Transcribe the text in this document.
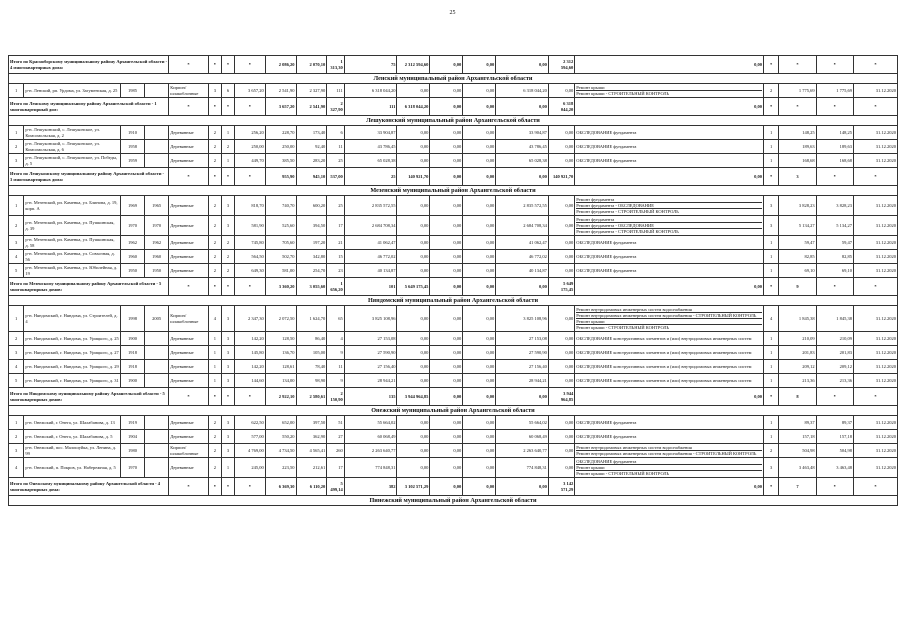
25
Итого по Красноборскому муниципальному району Архангельской области - 4 многоквартирных дома:				*	*	*	*	2 086,20	2 070,10	1 313,30	75	2 312 594,60	0,00	0,00	0,00	2 312 594,60	0,00	*	*	*	*
Ленский муниципальный район Архангельской области																					
1	р-н. Ленский, рп. Урдома, ул. Загуменская, д. 25	1985		Кирпич/ шлакоблочные	3	6	3 657,20	2 541,90	2 327,90	111	6 318 044,20	0,00	0,00	0,00	6 318 044,20	0,00	Ремонт крыши
Ремонт крыши - СТРОИТЕЛЬНЫЙ КОНТРОЛЬ	2	1 775,69	1 775,69	31.12.2020
Итого по Ленскому муниципальному району Архангельской области - 1 многоквартирный дом:				*	*	*	*	3 657,20	2 541,90	2 327,90	111	6 318 044,20	0,00	0,00	0,00	6 318 044,20	0,00	*	*	*	*
Лешуконский муниципальный район Архангельской области																					
1	р-н. Лешуконский, с. Лешуконское, ул. Комсомольская, д. 2	1910		Деревянные	2	1	256,20	228,70	173,40	6	33 904,87	0,00	0,00	0,00	33 904,87	0,00	ОБСЛЕДОВАНИЕ фундамента	1	148,25	148,25	31.12.2020
2	р-н. Лешуконский, с. Лешуконское, ул. Комсомольская, д. 6	1958		Деревянные	2	2	250,00	250,00	92,40	11	43 786,45	0,00	0,00	0,00	43 786,45	0,00	ОБСЛЕДОВАНИЕ фундамента	1	189,63	189,63	31.12.2020
3	р-н. Лешуконский, с. Лешуконское, ул. Победы, д. 5	1959		Деревянные	2	1	449,70	385,50	283,20	25	65 028,38	0,00	0,00	0,00	65 028,38	0,00	ОБСЛЕДОВАНИЕ фундамента	1	168,68	168,68	31.12.2020
Итого по Лешуконскому муниципальному району Архангельской области - 3 многоквартирных дома:				*	*	*	*	955,90	945,10	537,00	25	140 921,70	0,00	0,00	0,00	140 921,70	0,00	*	3	*	*
Мезенский муниципальный район Архангельской области																					
1	р-н. Мезенский, рп. Каменка, ул. Блинова, д. 19, корп. А	1969	1965	Деревянные	2	3	818,70	740,70	600,20	25	2 835 572,55	0,00	0,00	0,00	2 835 572,55	0,00	Ремонт фундамента
Ремонт фундамента - ОБСЛЕДОВАНИЕ
Ремонт фундамента - СТРОИТЕЛЬНЫЙ КОНТРОЛЬ	3	3 828,23	3 828,23	31.12.2020
2	р-н. Мезенский, рп. Каменка, ул. Пушкинская, д. 39	1970	1970	Деревянные	2	3	581,90	525,60	394,50	17	2 684 708,34	0,00	0,00	0,00	2 684 708,34	0,00	Ремонт фундамента
Ремонт фундамента - ОБСЛЕДОВАНИЕ
Ремонт фундамента - СТРОИТЕЛЬНЫЙ КОНТРОЛЬ	3	5 134,27	5 134,27	31.12.2020
3	р-н. Мезенский, рп. Каменка, ул. Пушкинская, д. 58	1962	1962	Деревянные	2	2	745,80	705,60	197,20	21	41 062,47	0,00	0,00	0,00	41 062,47	0,00	ОБСЛЕДОВАНИЕ фундамента	1	59,47	59,47	31.12.2020
4	р-н. Мезенский, рп. Каменка, ул. Совхозная, д. 56	1960	1960	Деревянные	2	2	564,50	502,70	342,80	15	46 772,02	0,00	0,00	0,00	46 772,02	0,00	ОБСЛЕДОВАНИЕ фундамента	1	82,85	82,85	31.12.2020
5	р-н. Мезенский, рп. Каменка, ул. Юбилейная, д. 19	1950	1950	Деревянные	2	2	649,30	581,00	254,70	23	40 134,87	0,00	0,00	0,00	40 134,87	0,00	ОБСЛЕДОВАНИЕ фундамента	1	69,10	69,10	31.12.2020
Итого по Мезенскому муниципальному району Архангельской области - 5 многоквартирных домов:				*	*	*	*	3 360,20	3 055,60	1 656,20	101	5 649 175,45	0,00	0,00	0,00	5 649 175,45	0,00	*	9	*	*
Няндомский муниципальный район Архангельской области																					
1	р-н. Няндомский, г. Няндома, ул. Строителей, д. 4	1998	2005	Кирпич/ шлакоблочные	4	3	2 347,30	2 072,50	1 624,70	65	3 825 108,96	0,00	0,00	0,00	3 825 108,96	0,00	Ремонт внутридомовых инженерных систем водоснабжения
Ремонт внутридомовых инженерных систем водоснабжения - СТРОИТЕЛЬНЫЙ КОНТРОЛЬ
Ремонт крыши
Ремонт крыши - СТРОИТЕЛЬНЫЙ КОНТРОЛЬ	4	1 845,38	1 845,38	31.12.2020
2	р-н. Няндомский, г. Няндома, ул. Урицкого, д. 25	1900		Деревянные	1	3	142,20	128,50	86,40	4	27 153,08	0,00	0,00	0,00	27 153,08	0,00	ОБСЛЕДОВАНИЕ конструктивных элементов и (или) внутридомовых инженерных систем	1	210,09	210,09	31.12.2020
3	р-н. Няндомский, г. Няндома, ул. Урицкого, д. 27	1918		Деревянные	1	3	145,80	136,70	105,00	9	27 590,90	0,00	0,00	0,00	27 590,90	0,00	ОБСЛЕДОВАНИЕ конструктивных элементов и (или) внутридомовых инженерных систем	1	201,83	201,83	31.12.2020
4	р-н. Няндомский, г. Няндома, ул. Урицкого, д. 29	1918		Деревянные	1	3	142,20	128,61	78,40	11	27 156,40	0,00	0,00	0,00	27 156,40	0,00	ОБСЛЕДОВАНИЕ конструктивных элементов и (или) внутридомовых инженерных систем	1	209,12	209,12	31.12.2020
5	р-н. Няндомский, г. Няндома, ул. Урицкого, д. 31	1900		Деревянные	1	3	144,60	134,00	98,90	9	28 944,21	0,00	0,00	0,00	28 944,21	0,00	ОБСЛЕДОВАНИЕ конструктивных элементов и (или) внутридомовых инженерных систем	1	213,36	213,36	31.12.2020
Итого по Няндомскому муниципальному району Архангельской области - 5 многоквартирных домов:				*	*	*	*	2 922,10	2 580,61	2 150,90	135	3 944 964,85	0,00	0,00	0,00	3 944 964,85	0,00	*	8	*	*
Онежский муниципальный район Архангельской области																					
1	р-н. Онежский, г. Онега, ул. Шалабанова, д. 13	1919		Деревянные	2	3	622,50	652,00	397,50	51	55 664,02	0,00	0,00	0,00	55 664,02	0,00	ОБСЛЕДОВАНИЕ фундамента	1	89,37	89,37	31.12.2020
2	р-н. Онежский, г. Онега, ул. Шалабанова, д. 5	1904		Деревянные	2	3	577,00	550,20	362,90	27	60 068,49	0,00	0,00	0,00	60 068,49	0,00	ОБСЛЕДОВАНИЕ фундамента	1	157,18	157,18	31.12.2020
3	р-н. Онежский, пос. Малошуйка, ул. Ленина, д. 99	1980		Кирпич/ шлакоблочные	2	3	4 769,00	4 734,50	4 565,41	260	2 263 640,77	0,00	0,00	0,00	2 263 640,77	0,00	Ремонт внутридомовых инженерных систем водоснабжения
Ремонт внутридомовых инженерных систем водоснабжения - СТРОИТЕЛЬНЫЙ КОНТРОЛЬ	2	504,98	504,98	31.12.2020
4	р-н. Онежский, п. Покров, ул. Набережная, д. 5	1970		Деревянные	2	1	245,00	223,50	212,61	17	774 848,31	0,00	0,00	0,00	774 848,31	0,00	ОБСЛЕДОВАНИЕ фундамента
Ремонт крыши
Ремонт крыши - СТРОИТЕЛЬНЫЙ КОНТРОЛЬ	3	3 463,48	3 463,48	31.12.2020
Итого по Онежскому муниципальному району Архангельской области - 4 многоквартирных дома:				*	*	*	*	6 369,30	6 110,20	5 499,14	382	3 102 571,29	0,00	0,00	0,00	3 142 571,29	0,00	*	7	*	*
Пинежский муниципальный район Архангельской области																					
